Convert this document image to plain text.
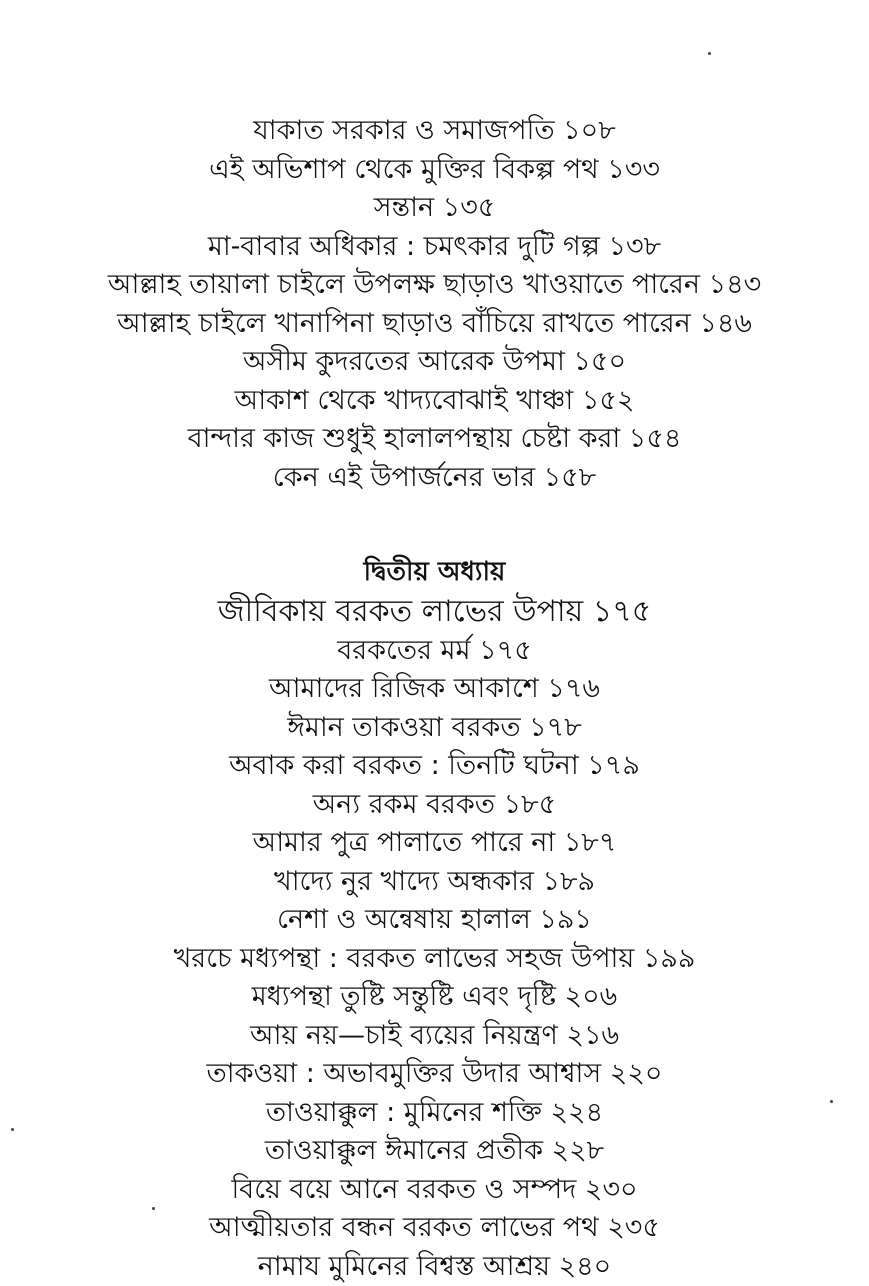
যাকাত সরকার ও সমাজপতি ১০৮
এই অভিশাপ থেকে মুক্তির বিকল্প পথ ১৩৩
সন্তান ১৩৫
মা-বাবার অধিকার : চমৎকার দুটি গল্প ১৩৮
আল্লাহ তায়ালা চাইলে উপলক্ষ ছাড়াও খাওয়াতে পারেন ১৪৩
আল্লাহ চাইলে খানাপিনা ছাড়াও বাঁচিয়ে রাখতে পারেন ১৪৬
অসীম কুদরতের আরেক উপমা ১৫০
আকাশ থেকে খাদ্যবোঝাই খাঞ্চা ১৫২
বান্দার কাজ শুধুই হালালপন্থায় চেষ্টা করা ১৫৪
কেন এই উপার্জনের ভার ১৫৮
দ্বিতীয় অধ্যায়
জীবিকায় বরকত লাভের উপায় ১৭৫
বরকতের মর্ম ১৭৫
আমাদের রিজিক আকাশে ১৭৬
ঈমান তাকওয়া বরকত ১৭৮
অবাক করা বরকত : তিনটি ঘটনা ১৭৯
অন্য রকম বরকত ১৮৫
আমার পুত্র পালাতে পারে না ১৮৭
খাদ্যে নুর খাদ্যে অন্ধকার ১৮৯
নেশা ও অন্বেষায় হালাল ১৯১
খরচে মধ্যপন্থা : বরকত লাভের সহজ উপায় ১৯৯
মধ্যপন্থা তুষ্টি সন্তুষ্টি এবং দৃষ্টি ২০৬
আয় নয়—চাই ব্যয়ের নিয়ন্ত্রণ ২১৬
তাকওয়া : অভাবমুক্তির উদার আশ্বাস ২২০
তাওয়াক্কুল : মুমিনের শক্তি ২২৪
তাওয়াক্কুল ঈমানের প্রতীক ২২৮
বিয়ে বয়ে আনে বরকত ও সম্পদ ২৩০
আত্মীয়তার বন্ধন বরকত লাভের পথ ২৩৫
নামায মুমিনের বিশ্বস্ত আশ্রয় ২৪০
